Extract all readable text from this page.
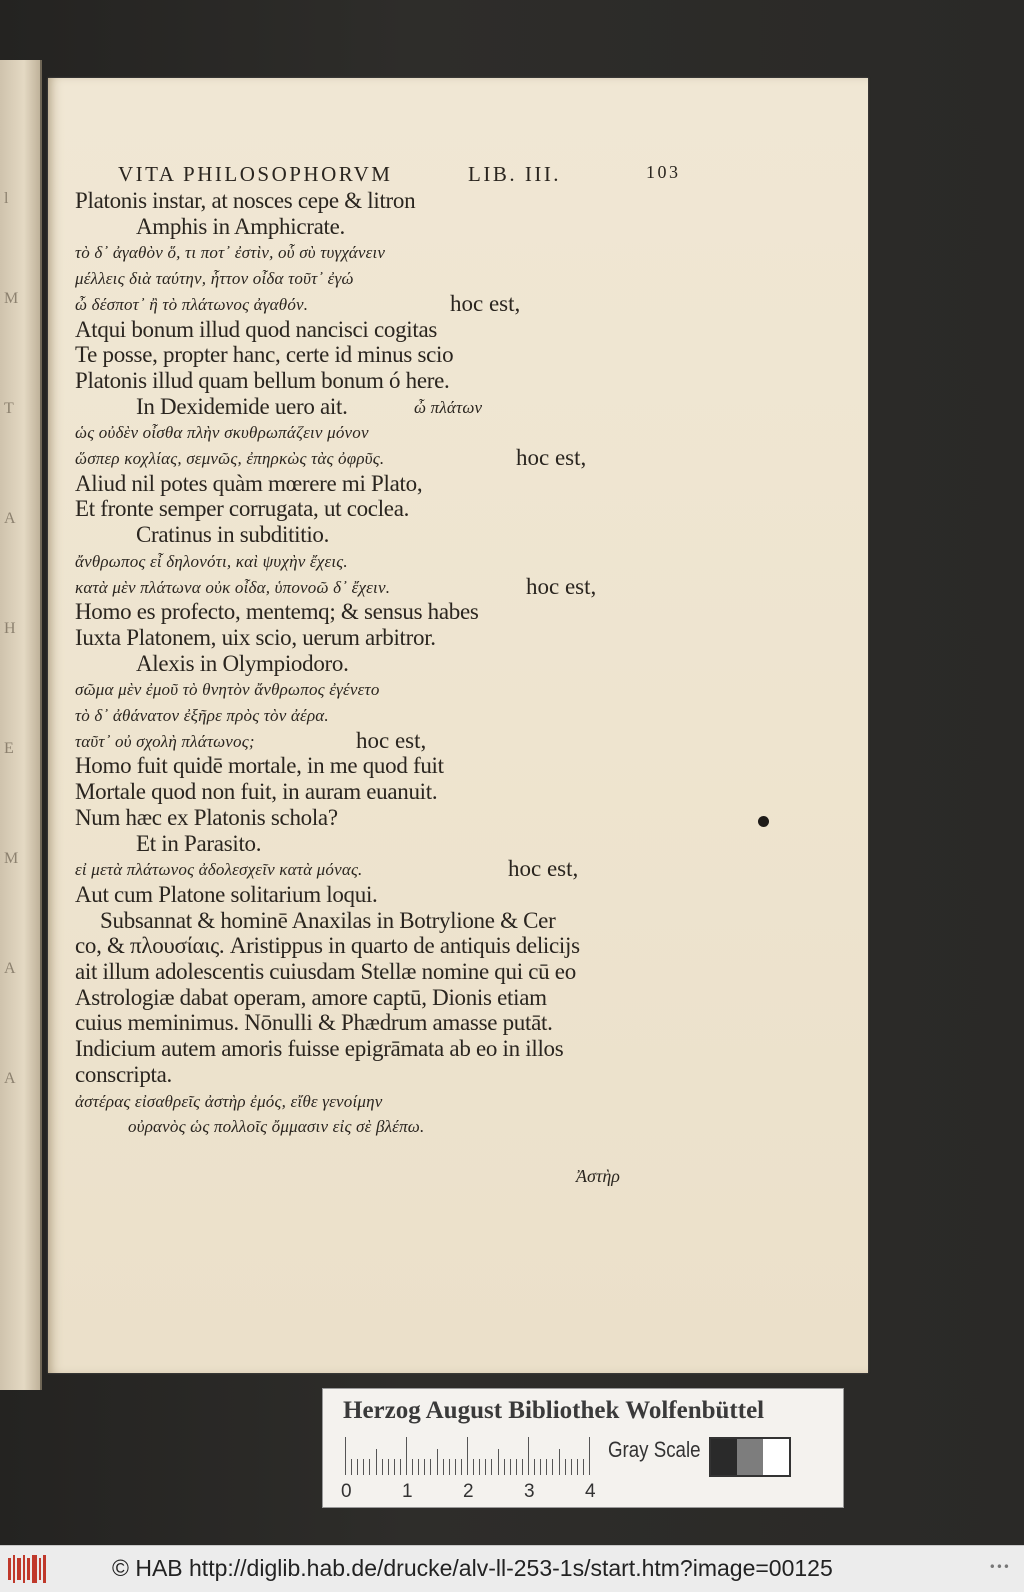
l
M
T
A
H
E
M
A
A
VITA PHILOSOPHORVM	LIB. III.	103
Platonis instar, at nosces cepe & litron
Amphis in Amphicrate.
τὸ δ᾽ ἀγαθὸν ὅ, τι ποτ᾽ ἐστὶν, οὗ σὺ τυγχάνειν
μέλλεις διὰ ταύτην, ἧττον οἶδα τοῦτ᾽ ἐγώ
ὦ δέσποτ᾽ ἢ τὸ πλάτωνος ἀγαθόν.	hoc est,
Atqui bonum illud quod nancisci cogitas
Te posse, propter hanc, certe id minus scio
Platonis illud quam bellum bonum ó here.
In Dexidemide uero ait.	ὦ πλάτων
ὡς οὐδὲν οἶσθα πλὴν σκυθρωπάζειν μόνον
ὥσπερ κοχλίας, σεμνῶς, ἐπηρκὼς τὰς ὀφρῦς.	hoc est,
Aliud nil potes quàm mœrere mi Plato,
Et fronte semper corrugata, ut coclea.
Cratinus in subdititio.
ἄνθρωπος εἶ δηλονότι, καὶ ψυχὴν ἔχεις.
κατὰ μὲν πλάτωνα οὐκ οἶδα, ὑπονοῶ δ᾽ ἔχειν.	hoc est,
Homo es profecto, mentemq; & sensus habes
Iuxta Platonem, uix scio, uerum arbitror.
Alexis in Olympiodoro.
σῶμα μὲν ἐμοῦ τὸ θνητὸν ἄνθρωπος ἐγένετο
τὸ δ᾽ ἀθάνατον ἐξῆρε πρὸς τὸν ἀέρα.
ταῦτ᾽ οὐ σχολὴ πλάτωνος;	hoc est,
Homo fuit quidē mortale, in me quod fuit
Mortale quod non fuit, in auram euanuit.
Num hæc ex Platonis schola?
Et in Parasito.
εἰ μετὰ πλάτωνος ἀδολεσχεῖν κατὰ μόνας.	hoc est,
Aut cum Platone solitarium loqui.
Subsannat & hominē Anaxilas in Botrylione & Cer
co, & πλουσίαις. Aristippus in quarto de antiquis delicijs
ait illum adolescentis cuiusdam Stellæ nomine qui cū eo
Astrologiæ dabat operam, amore captū, Dionis etiam
cuius meminimus. Nōnulli & Phædrum amasse putāt.
Indicium autem amoris fuisse epigrāmata ab eo in illos
conscripta.
ἀστέρας εἰσαθρεῖς ἀστὴρ ἐμός, εἴθε γενοίμην
οὐρανὸς ὡς πολλοῖς ὄμμασιν εἰς σὲ βλέπω.
Ἀστὴρ
Herzog August Bibliothek Wolfenbüttel
0	1	2	3	4
Gray Scale
© HAB http://diglib.hab.de/drucke/alv-ll-253-1s/start.htm?image=00125	•••
